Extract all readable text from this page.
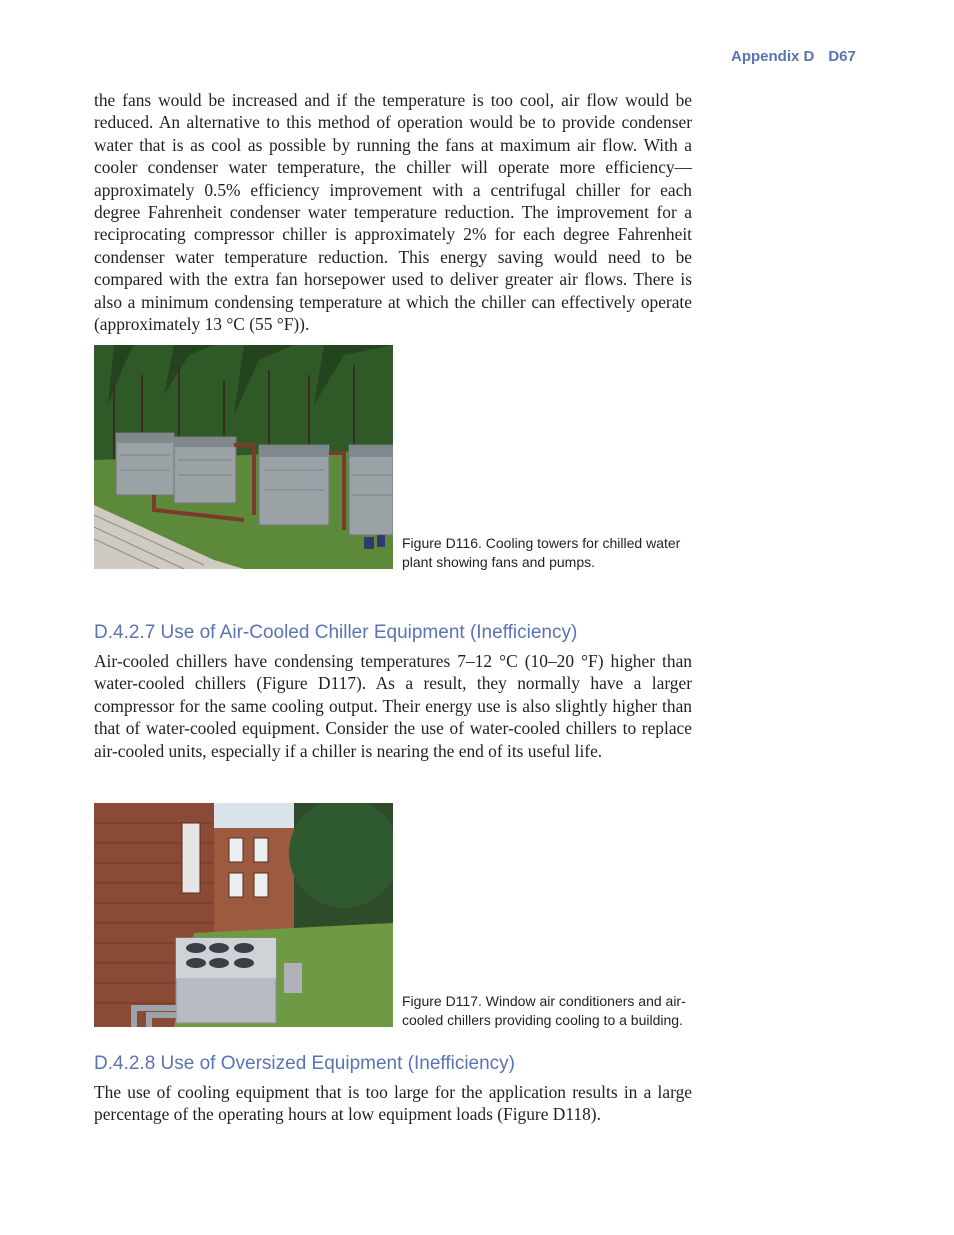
Appendix D D67

the fans would be increased and if the temperature is too cool, air flow would be reduced. An alternative to this method of operation would be to provide condenser water that is as cool as possible by running the fans at maximum air flow. With a cooler condenser water temperature, the chiller will operate more efficiency—approximately 0.5% efficiency improvement with a centrifugal chiller for each degree Fahrenheit condenser water temperature reduction. The improvement for a reciprocating compressor chiller is approximately 2% for each degree Fahrenheit condenser water temperature reduction. This energy saving would need to be compared with the extra fan horsepower used to deliver greater air flows. There is also a minimum condensing temperature at which the chiller can effectively operate (approximately 13 °C (55 °F)).

Figure D116. Cooling towers for chilled water plant showing fans and pumps.

D.4.2.7 Use of Air-Cooled Chiller Equipment (Inefficiency)

Air-cooled chillers have condensing temperatures 7–12 °C (10–20 °F) higher than water-cooled chillers (Figure D117). As a result, they normally have a larger compressor for the same cooling output. Their energy use is also slightly higher than that of water-cooled equipment. Consider the use of water-cooled chillers to replace air-cooled units, especially if a chiller is nearing the end of its useful life.

Figure D117. Window air conditioners and air-cooled chillers providing cooling to a building.

D.4.2.8 Use of Oversized Equipment (Inefficiency)

The use of cooling equipment that is too large for the application results in a large percentage of the operating hours at low equipment loads (Figure D118).
